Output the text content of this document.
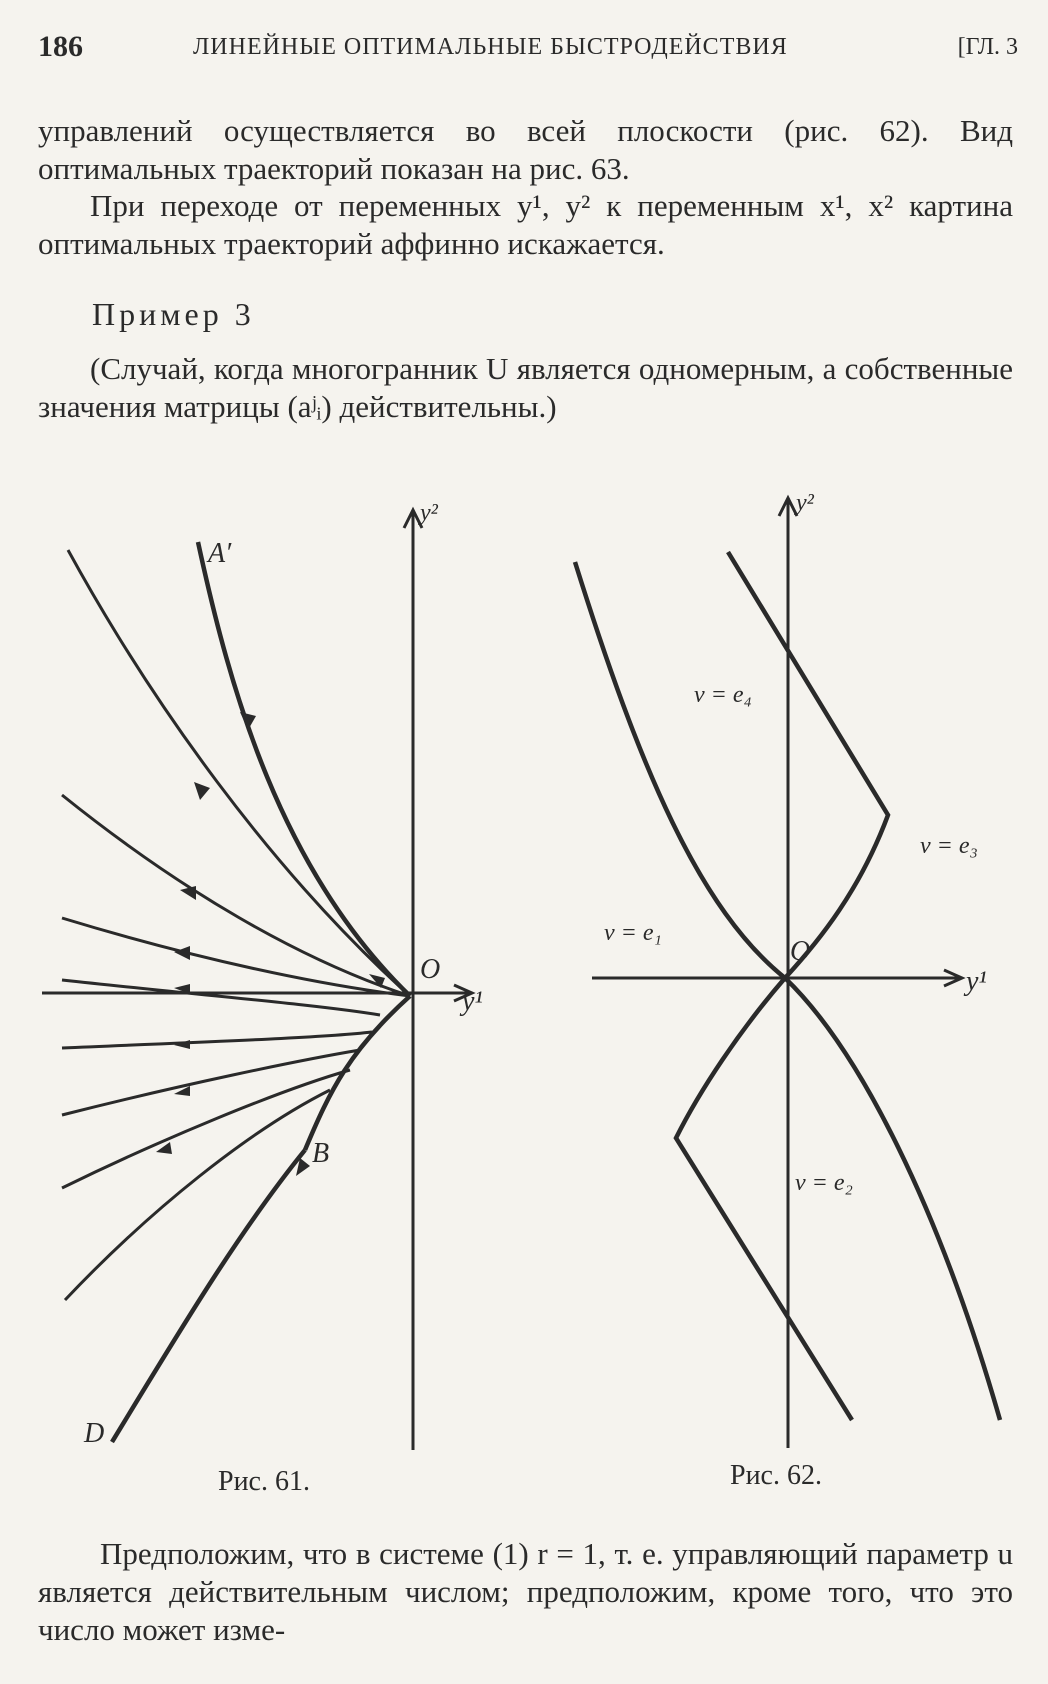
186	ЛИНЕЙНЫЕ ОПТИМАЛЬНЫЕ БЫСТРОДЕЙСТВИЯ	[ГЛ. 3
управлений осуществляется во всей плоскости (рис. 62). Вид оптимальных траекторий показан на рис. 63.
При переходе от переменных y¹, y² к переменным x¹, x² картина оптимальных траекторий аффинно искажается.
Пример 3
(Случай, когда многогранник U является одномерным, а собственные значения матрицы (aʲᵢ) действительны.)
A′
B
D
O
y¹
y²
v = e₄
v = e₃
v = e₁
v = e₂
O
y¹
y²
Рис. 61.	Рис. 62.
Предположим, что в системе (1) r = 1, т. е. управляющий параметр u является действительным числом; предположим, кроме того, что это число может изме-
